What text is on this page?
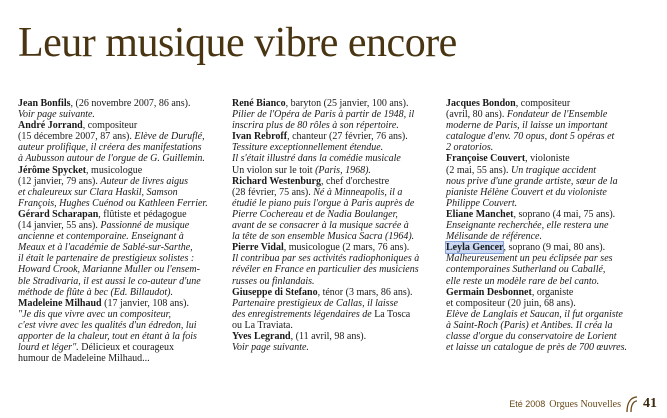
Leur musique vibre encore

Jean Bonfils, (26 novembre 2007, 86 ans).
Voir page suivante.

André Jorrand, compositeur
(15 décembre 2007, 87 ans). Elève de Duruflé,
auteur prolifique, il créera des manifestations
à Aubusson autour de l'orgue de G. Guillemin.

Jérôme Spycket, musicologue
(12 janvier, 79 ans). Auteur de livres aigus
et chaleureux sur Clara Haskil, Samson
François, Hughes Cuénod ou Kathleen Ferrier.

Gérard Scharapan, flûtiste et pédagogue
(14 janvier, 55 ans). Passionné de musique
ancienne et contemporaine. Enseignant à
Meaux et à l'académie de Sablé-sur-Sarthe,
il était le partenaire de prestigieux solistes :
Howard Crook, Marianne Muller ou l'ensem-
ble Stradivaria, il est aussi le co-auteur d'une
méthode de flûte à bec (Ed. Billaudot).

Madeleine Milhaud (17 janvier, 108 ans).
"Je dis que vivre avec un compositeur,
c'est vivre avec les qualités d'un édredon, lui
apporter de la chaleur, tout en étant à la fois
lourd et léger". Délicieux et courageux
humour de Madeleine Milhaud...

René Bianco, baryton (25 janvier, 100 ans).
Pilier de l'Opéra de Paris à partir de 1948, il
inscrira plus de 80 rôles à son répertoire.

Ivan Rebroff, chanteur (27 février, 76 ans).
Tessiture exceptionnellement étendue.
Il s'était illustré dans la comédie musicale
Un violon sur le toit (Paris, 1968).

Richard Westenburg, chef d'orchestre
(28 février, 75 ans). Né à Minneapolis, il a
étudié le piano puis l'orgue à Paris auprès de
Pierre Cochereau et de Nadia Boulanger,
avant de se consacrer à la musique sacrée à
la tête de son ensemble Musica Sacra (1964).

Pierre Vidal, musicologue (2 mars, 76 ans).
Il contribua par ses activités radiophoniques à
révéler en France en particulier des musiciens
russes ou finlandais.

Giuseppe di Stefano, ténor (3 mars, 86 ans).
Partenaire prestigieux de Callas, il laisse
des enregistrements légendaires de La Tosca
ou La Traviata.

Yves Legrand, (11 avril, 98 ans).
Voir page suivante.

Jacques Bondon, compositeur
(avril, 80 ans). Fondateur de l'Ensemble
moderne de Paris, il laisse un important
catalogue d'env. 70 opus, dont 5 opéras et
2 oratorios.

Françoise Couvert, violoniste
(2 mai, 55 ans). Un tragique accident
nous prive d'une grande artiste, sœur de la
pianiste Hélène Couvert et du violoniste
Philippe Couvert.

Eliane Manchet, soprano (4 mai, 75 ans).
Enseignante recherchée, elle restera une
Mélisande de référence.

Leyla Gencer, soprano (9 mai, 80 ans).
Malheureusement un peu éclipsée par ses
contemporaines Sutherland ou Caballé,
elle reste un modèle rare de bel canto.

Germain Desbonnet, organiste
et compositeur (20 juin, 68 ans).
Elève de Langlais et Saucan, il fut organiste
à Saint-Roch (Paris) et Antibes. Il créa la
classe d'orgue du conservatoire de Lorient
et laisse un catalogue de près de 700 œuvres.

Eté 2008 Orgues Nouvelles 41
